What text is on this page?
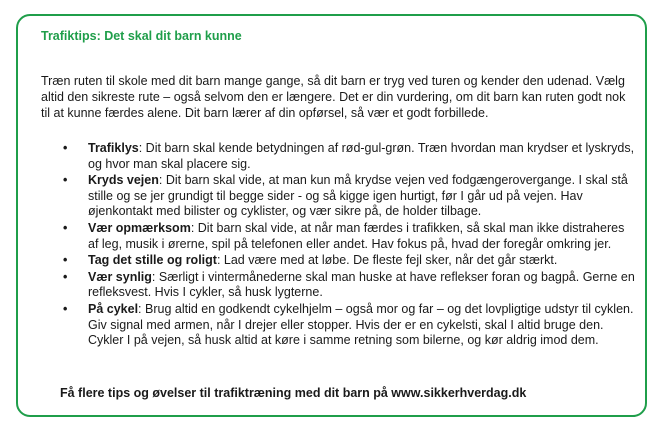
Trafiktips: Det skal dit barn kunne
Træn ruten til skole med dit barn mange gange, så dit barn er tryg ved turen og kender den udenad. Vælg altid den sikreste rute – også selvom den er længere. Det er din vurdering, om dit barn kan ruten godt nok til at kunne færdes alene. Dit barn lærer af din opførsel, så vær et godt forbillede.
• Trafiklys: Dit barn skal kende betydningen af rød-gul-grøn. Træn hvordan man krydser et lyskryds, og hvor man skal placere sig.
• Kryds vejen: Dit barn skal vide, at man kun må krydse vejen ved fodgængerovergange. I skal stå stille og se jer grundigt til begge sider - og så kigge igen hurtigt, før I går ud på vejen. Hav øjenkontakt med bilister og cyklister, og vær sikre på, de holder tilbage.
• Vær opmærksom: Dit barn skal vide, at når man færdes i trafikken, så skal man ikke distraheres af leg, musik i ørerne, spil på telefonen eller andet. Hav fokus på, hvad der foregår omkring jer.
• Tag det stille og roligt: Lad være med at løbe. De fleste fejl sker, når det går stærkt.
• Vær synlig: Særligt i vintermånederne skal man huske at have reflekser foran og bagpå. Gerne en refleksvest. Hvis I cykler, så husk lygterne.
• På cykel: Brug altid en godkendt cykelhjelm – også mor og far – og det lovpligtige udstyr til cyklen. Giv signal med armen, når I drejer eller stopper. Hvis der er en cykelsti, skal I altid bruge den. Cykler I på vejen, så husk altid at køre i samme retning som bilerne, og kør aldrig imod dem.
Få flere tips og øvelser til trafiktræning med dit barn på www.sikkerhverdag.dk
